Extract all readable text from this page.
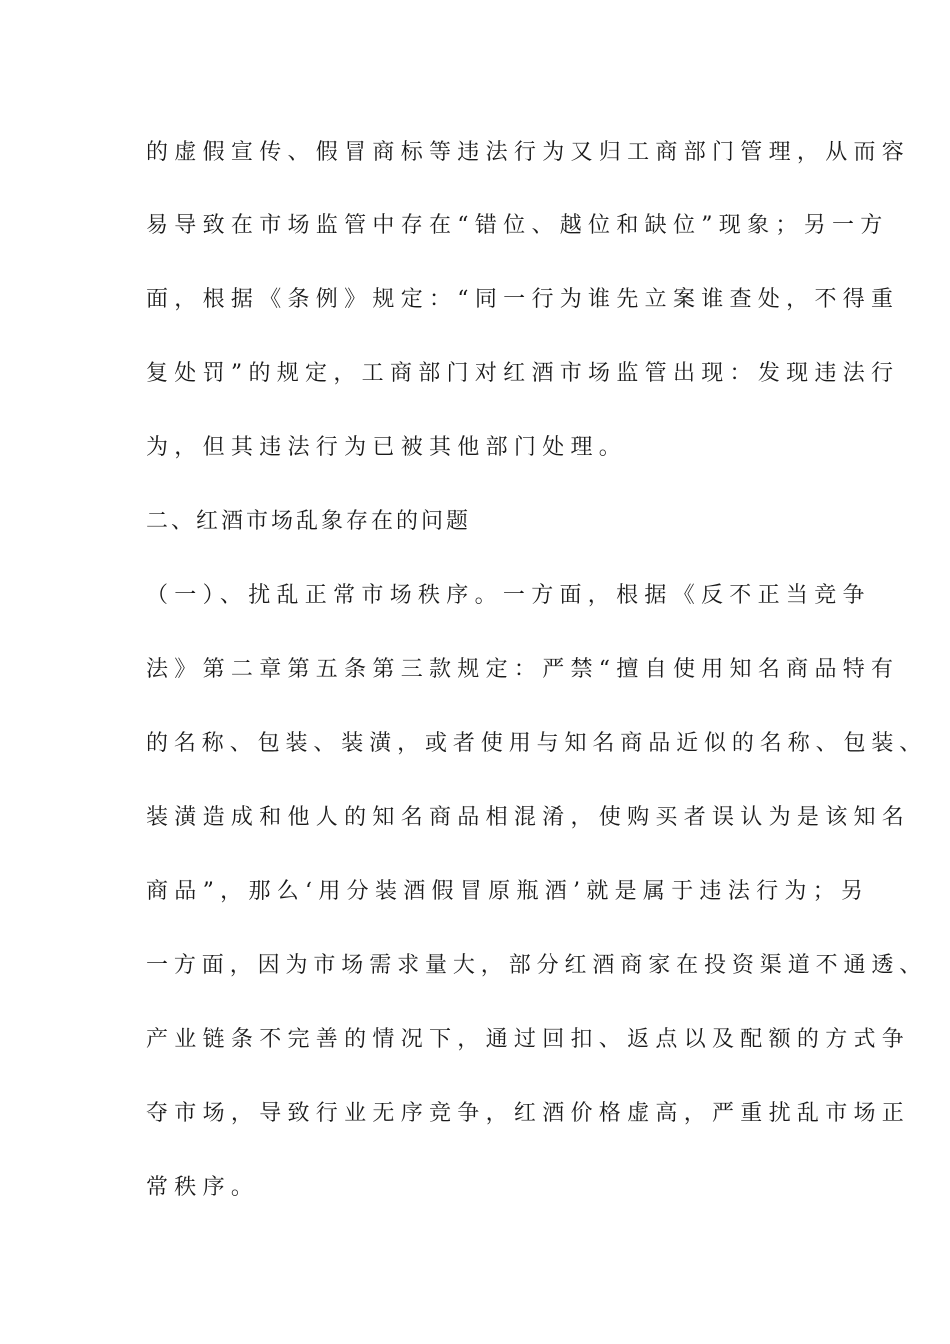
的虚假宣传、假冒商标等违法行为又归工商部门管理，从而容
易导致在市场监管中存在“错位、越位和缺位”现象；另一方
面，根据《条例》规定：“同一行为谁先立案谁查处，不得重
复处罚”的规定，工商部门对红酒市场监管出现：发现违法行
为，但其违法行为已被其他部门处理。
二、红酒市场乱象存在的问题
（一）、扰乱正常市场秩序。一方面，根据《反不正当竞争
法》第二章第五条第三款规定：严禁“擅自使用知名商品特有
的名称、包装、装潢，或者使用与知名商品近似的名称、包装、
装潢造成和他人的知名商品相混淆，使购买者误认为是该知名
商品”，那么‘用分装酒假冒原瓶酒’就是属于违法行为；另
一方面，因为市场需求量大，部分红酒商家在投资渠道不通透、
产业链条不完善的情况下，通过回扣、返点以及配额的方式争
夺市场，导致行业无序竞争，红酒价格虚高，严重扰乱市场正
常秩序。
